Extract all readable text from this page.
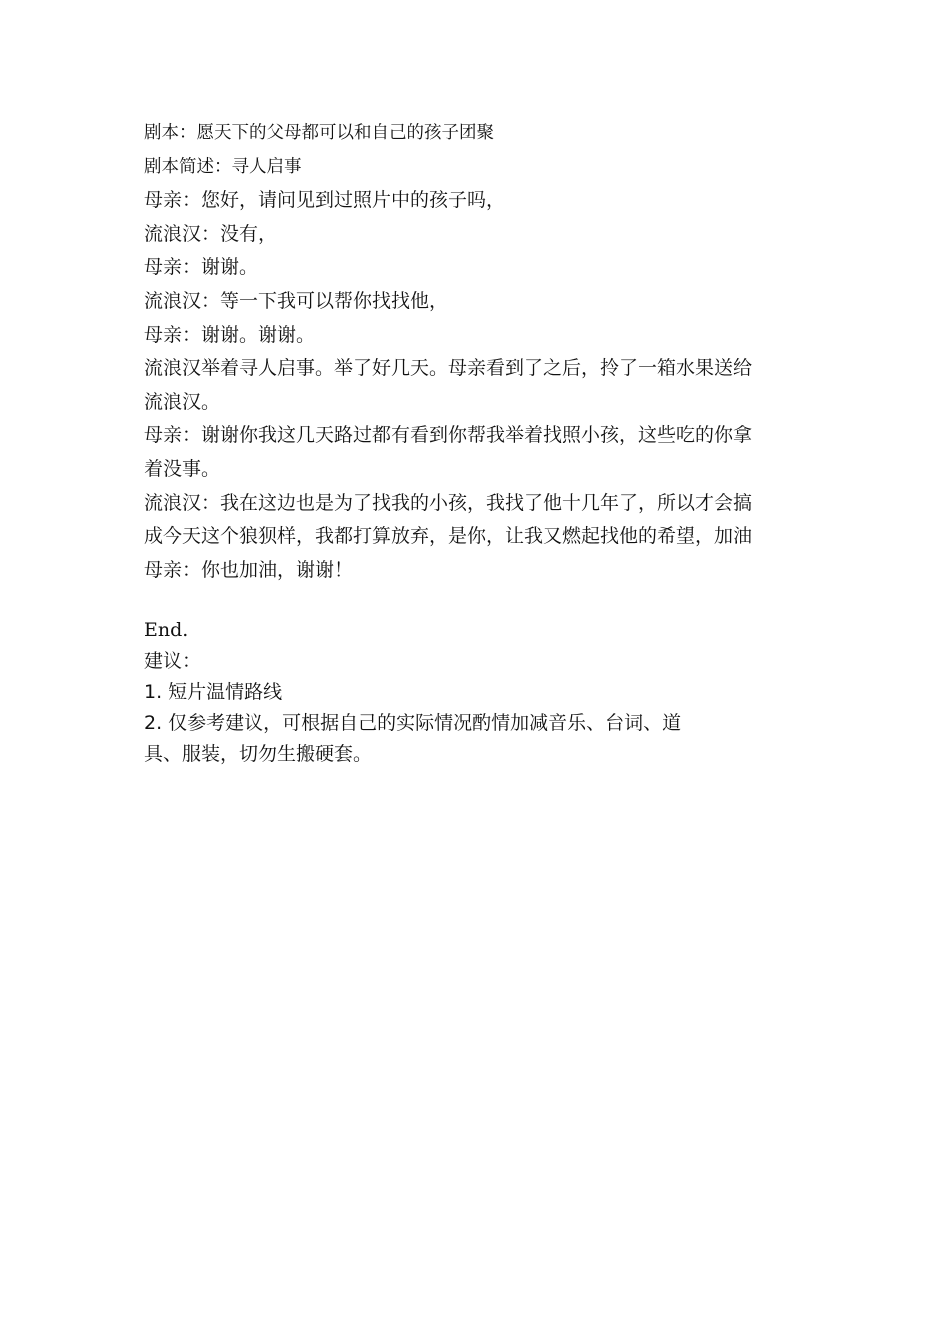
剧本：愿天下的父母都可以和自己的孩子团聚
剧本简述：寻人启事
母亲：您好，请问见到过照片中的孩子吗，
流浪汉：没有，
母亲：谢谢。
流浪汉：等一下我可以帮你找找他，
母亲：谢谢。谢谢。
流浪汉举着寻人启事。举了好几天。母亲看到了之后，拎了一箱水果送给
流浪汉。
母亲：谢谢你我这几天路过都有看到你帮我举着找照小孩，这些吃的你拿
着没事。
流浪汉：我在这边也是为了找我的小孩，我找了他十几年了，所以才会搞
成今天这个狼狈样，我都打算放弃，是你，让我又燃起找他的希望，加油
母亲：你也加油，谢谢！
End.
建议：
1. 短片温情路线
2. 仅参考建议，可根据自己的实际情况酌情加减音乐、台词、道
具、服装，切勿生搬硬套。
